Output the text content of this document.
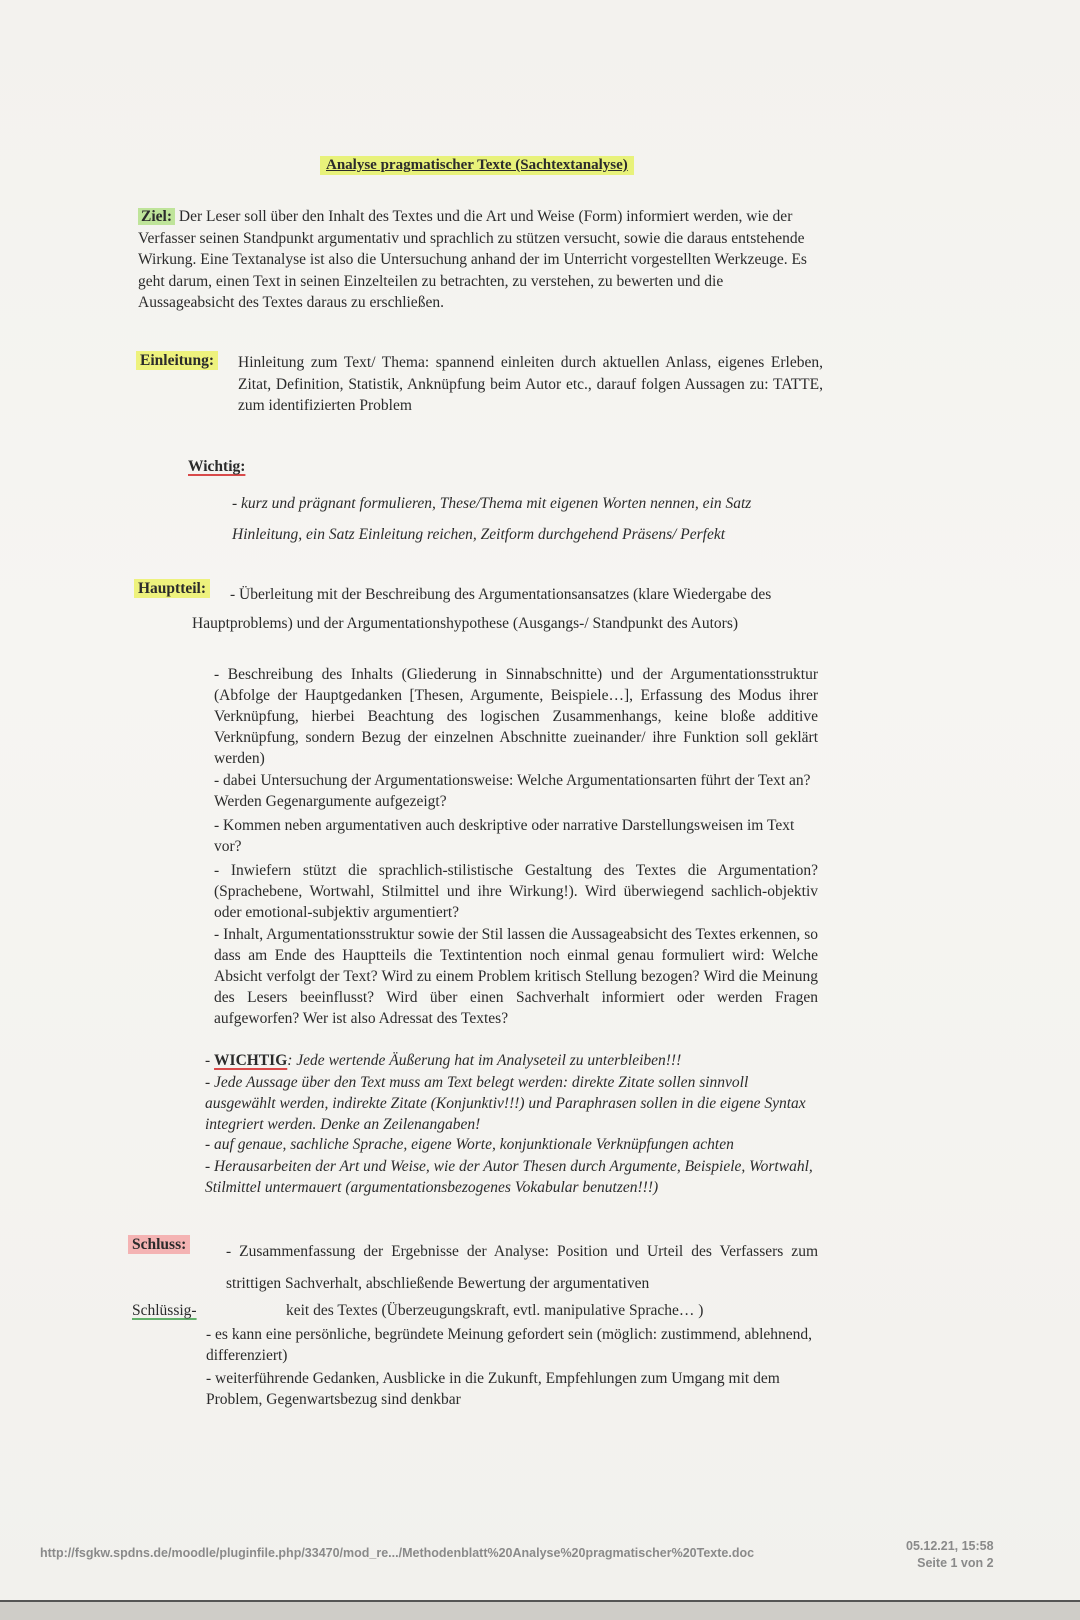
Analyse pragmatischer Texte (Sachtextanalyse)
Ziel: Der Leser soll über den Inhalt des Textes und die Art und Weise (Form) informiert werden, wie der Verfasser seinen Standpunkt argumentativ und sprachlich zu stützen versucht, sowie die daraus entstehende Wirkung. Eine Textanalyse ist also die Untersuchung anhand der im Unterricht vorgestellten Werkzeuge. Es geht darum, einen Text in seinen Einzelteilen zu betrachten, zu verstehen, zu bewerten und die Aussageabsicht des Textes daraus zu erschließen.
Einleitung: Hinleitung zum Text/ Thema: spannend einleiten durch aktuellen Anlass, eigenes Erleben, Zitat, Definition, Statistik, Anknüpfung beim Autor etc., darauf folgen Aussagen zu: TATTE, zum identifizierten Problem
Wichtig:
- kurz und prägnant formulieren, These/Thema mit eigenen Worten nennen, ein Satz Hinleitung, ein Satz Einleitung reichen, Zeitform durchgehend Präsens/ Perfekt
Hauptteil:	- Überleitung mit der Beschreibung des Argumentationsansatzes (klare Wiedergabe des Hauptproblems) und der Argumentationshypothese (Ausgangs-/ Standpunkt des Autors)
- Beschreibung des Inhalts (Gliederung in Sinnabschnitte) und der Argumentationsstruktur (Abfolge der Hauptgedanken [Thesen, Argumente, Beispiele…], Erfassung des Modus ihrer Verknüpfung, hierbei Beachtung des logischen Zusammenhangs, keine bloße additive Verknüpfung, sondern Bezug der einzelnen Abschnitte zueinander/ ihre Funktion soll geklärt werden)
- dabei Untersuchung der Argumentationsweise: Welche Argumentationsarten führt der Text an? Werden Gegenargumente aufgezeigt?
- Kommen neben argumentativen auch deskriptive oder narrative Darstellungsweisen im Text vor?
- Inwiefern stützt die sprachlich-stilistische Gestaltung des Textes die Argumentation? (Sprachebene, Wortwahl, Stilmittel und ihre Wirkung!). Wird überwiegend sachlich-objektiv oder emotional-subjektiv argumentiert?
- Inhalt, Argumentationsstruktur sowie der Stil lassen die Aussageabsicht des Textes erkennen, so dass am Ende des Hauptteils die Textintention noch einmal genau formuliert wird: Welche Absicht verfolgt der Text? Wird zu einem Problem kritisch Stellung bezogen? Wird die Meinung des Lesers beeinflusst? Wird über einen Sachverhalt informiert oder werden Fragen aufgeworfen? Wer ist also Adressat des Textes?
- WICHTIG: Jede wertende Äußerung hat im Analyseteil zu unterbleiben!!!
- Jede Aussage über den Text muss am Text belegt werden: direkte Zitate sollen sinnvoll ausgewählt werden, indirekte Zitate (Konjunktiv!!!) und Paraphrasen sollen in die eigene Syntax integriert werden. Denke an Zeilenangaben!
- auf genaue, sachliche Sprache, eigene Worte, konjunktionale Verknüpfungen achten
- Herausarbeiten der Art und Weise, wie der Autor Thesen durch Argumente, Beispiele, Wortwahl, Stilmittel untermauert (argumentationsbezogenes Vokabular benutzen!!!)
Schluss:	- Zusammenfassung der Ergebnisse der Analyse: Position und Urteil des Verfassers zum strittigen Sachverhalt, abschließende Bewertung der argumentativen
Schlüssig-	keit des Textes (Überzeugungskraft, evtl. manipulative Sprache… )
- es kann eine persönliche, begründete Meinung gefordert sein (möglich: zustimmend, ablehnend, differenziert)
- weiterführende Gedanken, Ausblicke in die Zukunft, Empfehlungen zum Umgang mit dem Problem, Gegenwartsbezug sind denkbar
http://fsgkw.spdns.de/moodle/pluginfile.php/33470/mod_re.../Methodenblatt%20Analyse%20pragmatischer%20Texte.doc	05.12.21, 15:58
Seite 1 von 2
